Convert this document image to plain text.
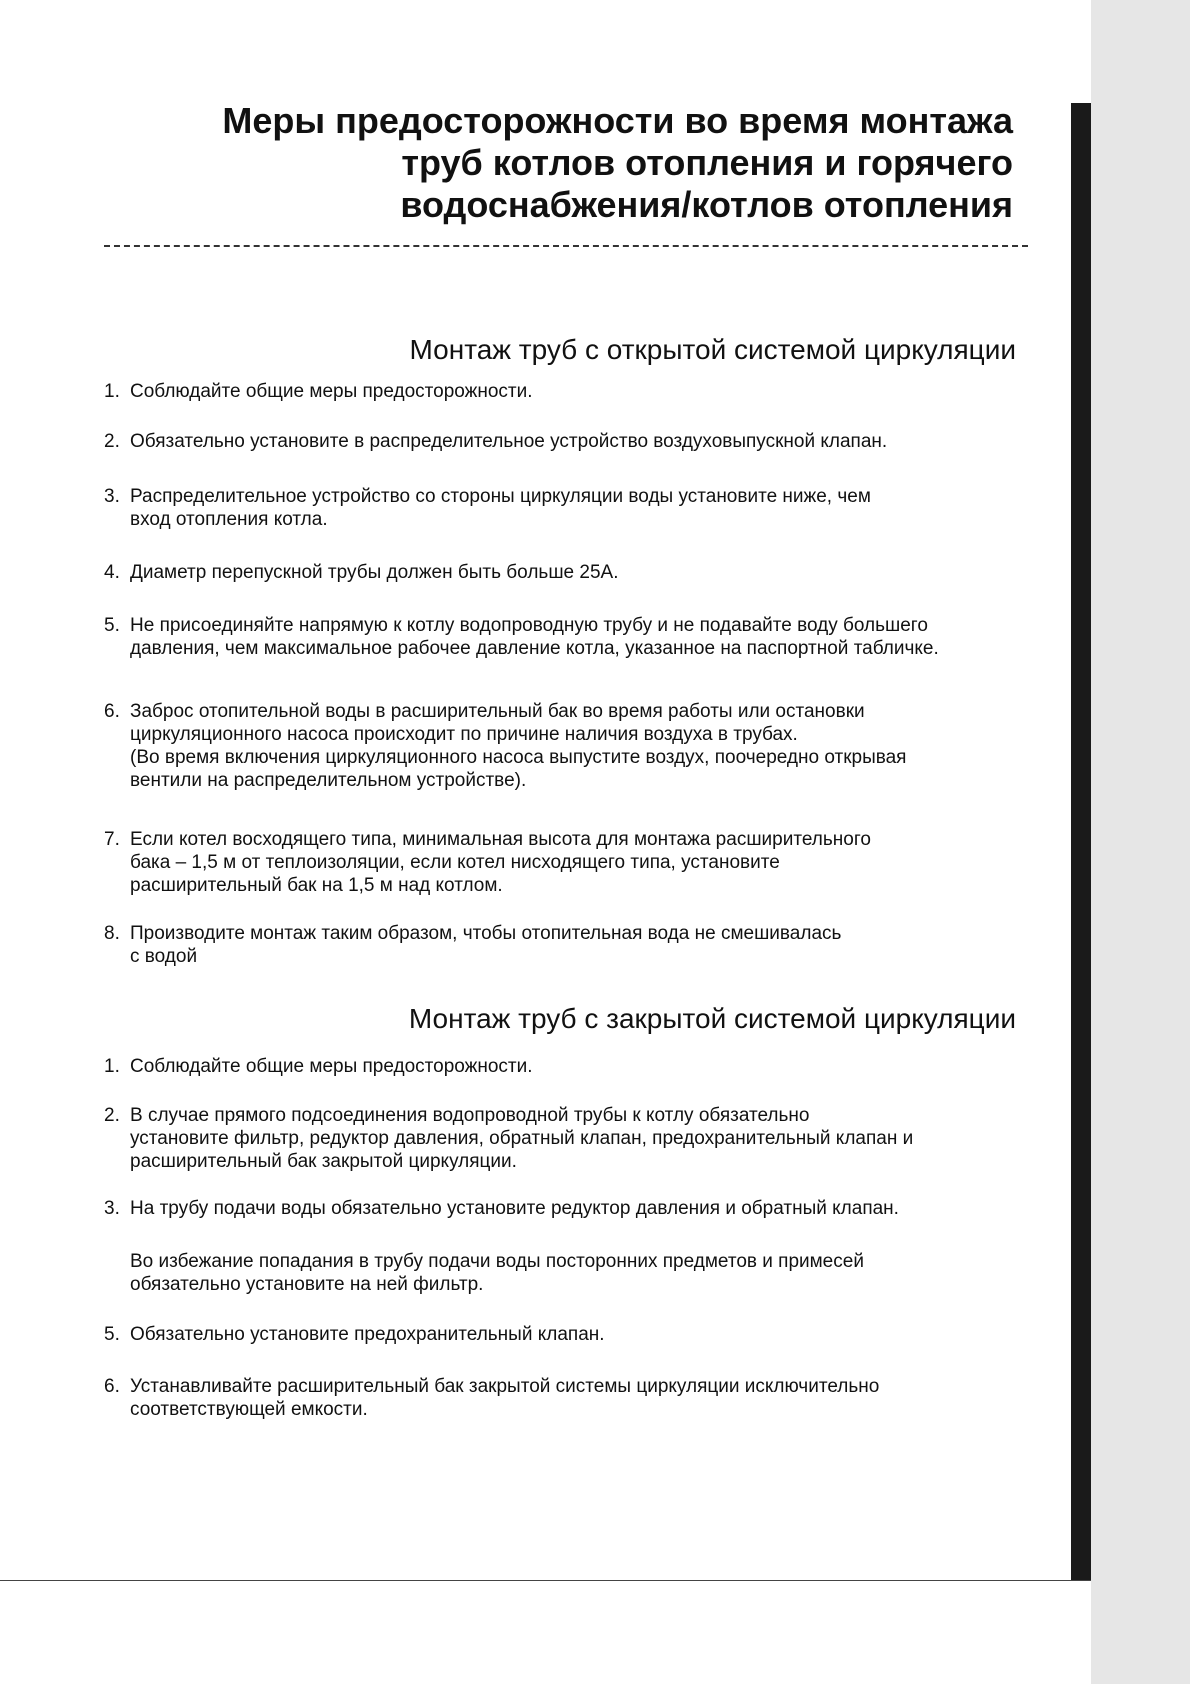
Меры предосторожности во время монтажа
труб котлов отопления и горячего
водоснабжения/котлов отопления
Монтаж труб с открытой системой циркуляции
1. Соблюдайте общие меры предосторожности.
2. Обязательно установите в распределительное устройство воздуховыпускной клапан.
3. Распределительное устройство со стороны циркуляции воды установите ниже, чем
вход отопления котла.
4. Диаметр перепускной трубы должен быть больше 25А.
5. Не присоединяйте напрямую к котлу водопроводную трубу и не подавайте воду большего
давления, чем максимальное рабочее давление котла, указанное на паспортной табличке.
6. Заброс отопительной воды в расширительный бак во время работы или остановки
циркуляционного насоса происходит по причине наличия воздуха в трубах.
(Во время включения циркуляционного насоса выпустите воздух, поочередно открывая
вентили на распределительном устройстве).
7. Если котел восходящего типа, минимальная высота для монтажа расширительного
бака – 1,5 м от теплоизоляции, если котел нисходящего типа, установите
расширительный бак на 1,5 м над котлом.
8. Производите монтаж таким образом, чтобы отопительная вода не смешивалась
с водой
Монтаж труб с закрытой системой циркуляции
1. Соблюдайте общие меры предосторожности.
2. В случае прямого подсоединения водопроводной трубы к котлу обязательно
установите фильтр, редуктор давления, обратный клапан, предохранительный клапан и
расширительный бак закрытой циркуляции.
3. На трубу подачи воды обязательно установите редуктор давления и обратный клапан.
Во избежание попадания в трубу подачи воды посторонних предметов и примесей
обязательно установите на ней фильтр.
5. Обязательно установите предохранительный клапан.
6. Устанавливайте расширительный бак закрытой системы циркуляции исключительно
соответствующей емкости.
